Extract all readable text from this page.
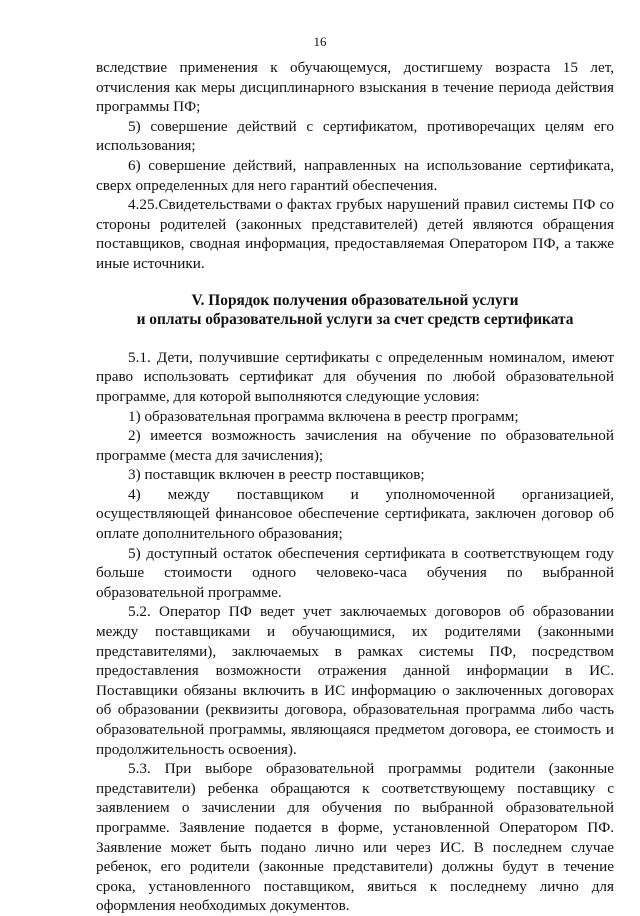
16

вследствие применения к обучающемуся, достигшему возраста 15 лет, отчисления как меры дисциплинарного взыскания в течение периода действия программы ПФ;

5) совершение действий с сертификатом, противоречащих целям его использования;

6) совершение действий, направленных на использование сертификата, сверх определенных для него гарантий обеспечения.

4.25.Свидетельствами о фактах грубых нарушений правил системы ПФ со стороны родителей (законных представителей) детей являются обращения поставщиков, сводная информация, предоставляемая Оператором ПФ, а также иные источники.

V. Порядок получения образовательной услуги
и оплаты образовательной услуги за счет средств сертификата

5.1. Дети, получившие сертификаты с определенным номиналом, имеют право использовать сертификат для обучения по любой образовательной программе, для которой выполняются следующие условия:

1) образовательная программа включена в реестр программ;

2) имеется возможность зачисления на обучение по образовательной программе (места для зачисления);

3) поставщик включен в реестр поставщиков;

4) между поставщиком и уполномоченной организацией, осуществляющей финансовое обеспечение сертификата, заключен договор об оплате дополнительного образования;

5) доступный остаток обеспечения сертификата в соответствующем году больше стоимости одного человеко-часа обучения по выбранной образовательной программе.

5.2. Оператор ПФ ведет учет заключаемых договоров об образовании между поставщиками и обучающимися, их родителями (законными представителями), заключаемых в рамках системы ПФ, посредством предоставления возможности отражения данной информации в ИС. Поставщики обязаны включить в ИС информацию о заключенных договорах об образовании (реквизиты договора, образовательная программа либо часть образовательной программы, являющаяся предметом договора, ее стоимость и продолжительность освоения).

5.3. При выборе образовательной программы родители (законные представители) ребенка обращаются к соответствующему поставщику с заявлением о зачислении для обучения по выбранной образовательной программе. Заявление подается в форме, установленной Оператором ПФ. Заявление может быть подано лично или через ИС. В последнем случае ребенок, его родители (законные представители) должны будут в течение срока, установленного поставщиком, явиться к последнему лично для оформления необходимых документов.
